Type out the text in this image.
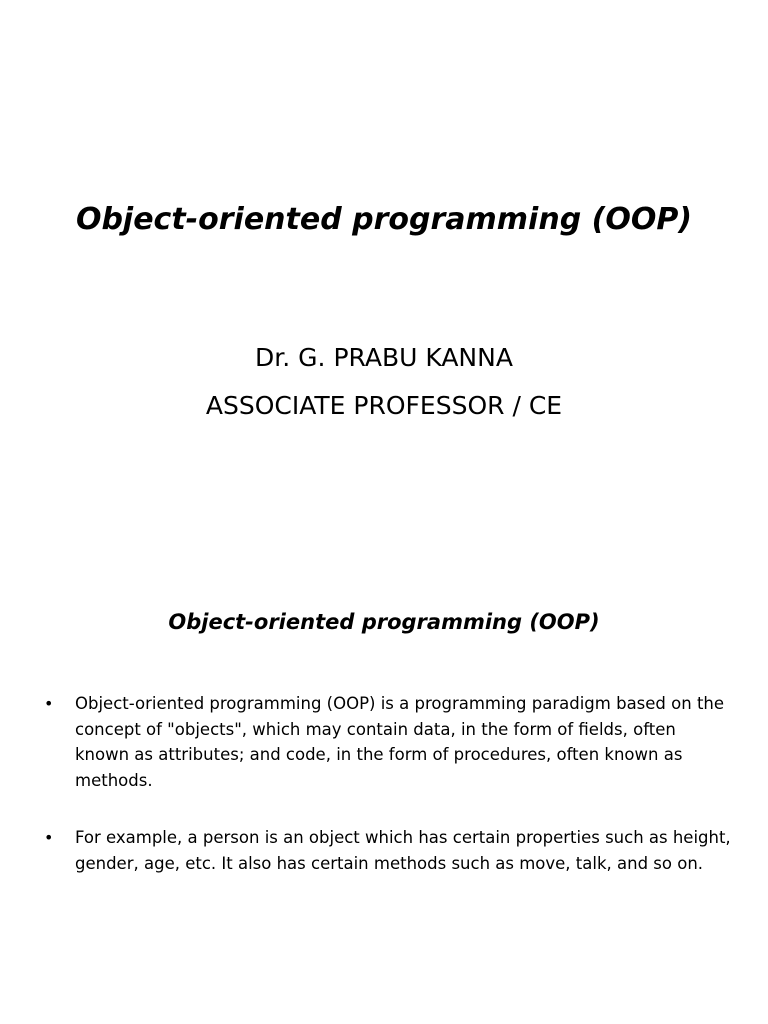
Object-oriented programming (OOP)
Dr. G. PRABU KANNA
ASSOCIATE PROFESSOR / CE
Object-oriented programming (OOP)
• Object-oriented programming (OOP) is a programming paradigm based on the concept of "objects", which may contain data, in the form of fields, often known as attributes; and code, in the form of procedures, often known as methods.
• For example, a person is an object which has certain properties such as height, gender, age, etc. It also has certain methods such as move, talk, and so on.
